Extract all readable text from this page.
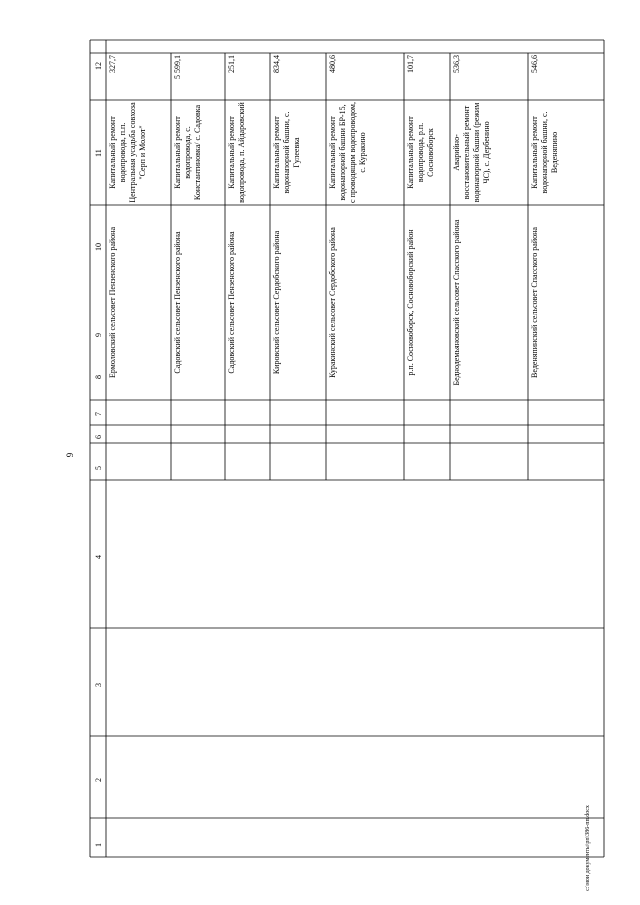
9
1
2
3
4
5
6
7
8
9
10
11
12
Ермоловский сельсовет Пензенского района
Капитальный ремонт водопровода, п.п. Центральная усадьба совхоза "Серп и Молот"
327,7
Садовский сельсовет Пензенского района
Капитальный ремонт водопровода, с. Константиновка/ с. Садовка
5 599,1
Садовский сельсовет Пензенского района
Капитальный ремонт водопровода, п. Айдаровский
251,1
Кировский сельсовет Сердобского района
Капитальный ремонт водонапорной башни, с. Гулеевка
834,4
Куракинский сельсовет Сердобского района
Капитальный ремонт водонапорной башни БР-15, с проводящим водопроводом, с. Куракино
480,6
р.п. Сосновоборск, Сосновоборский район
Капитальный ремонт водопровода, р.п. Сосновоборск
101,7
Беднодемьяновский сельсовет Спасского района
Аварийно-восстановительный ремонт водонапорной башни (режим ЧС), с. Дербенино
536,3
Веденяпинский сельсовет Спасского района
Капитальный ремонт водонапорной башни, с. Веденяпино
546,6
c:\мои документы\рп\386-пп.docx
